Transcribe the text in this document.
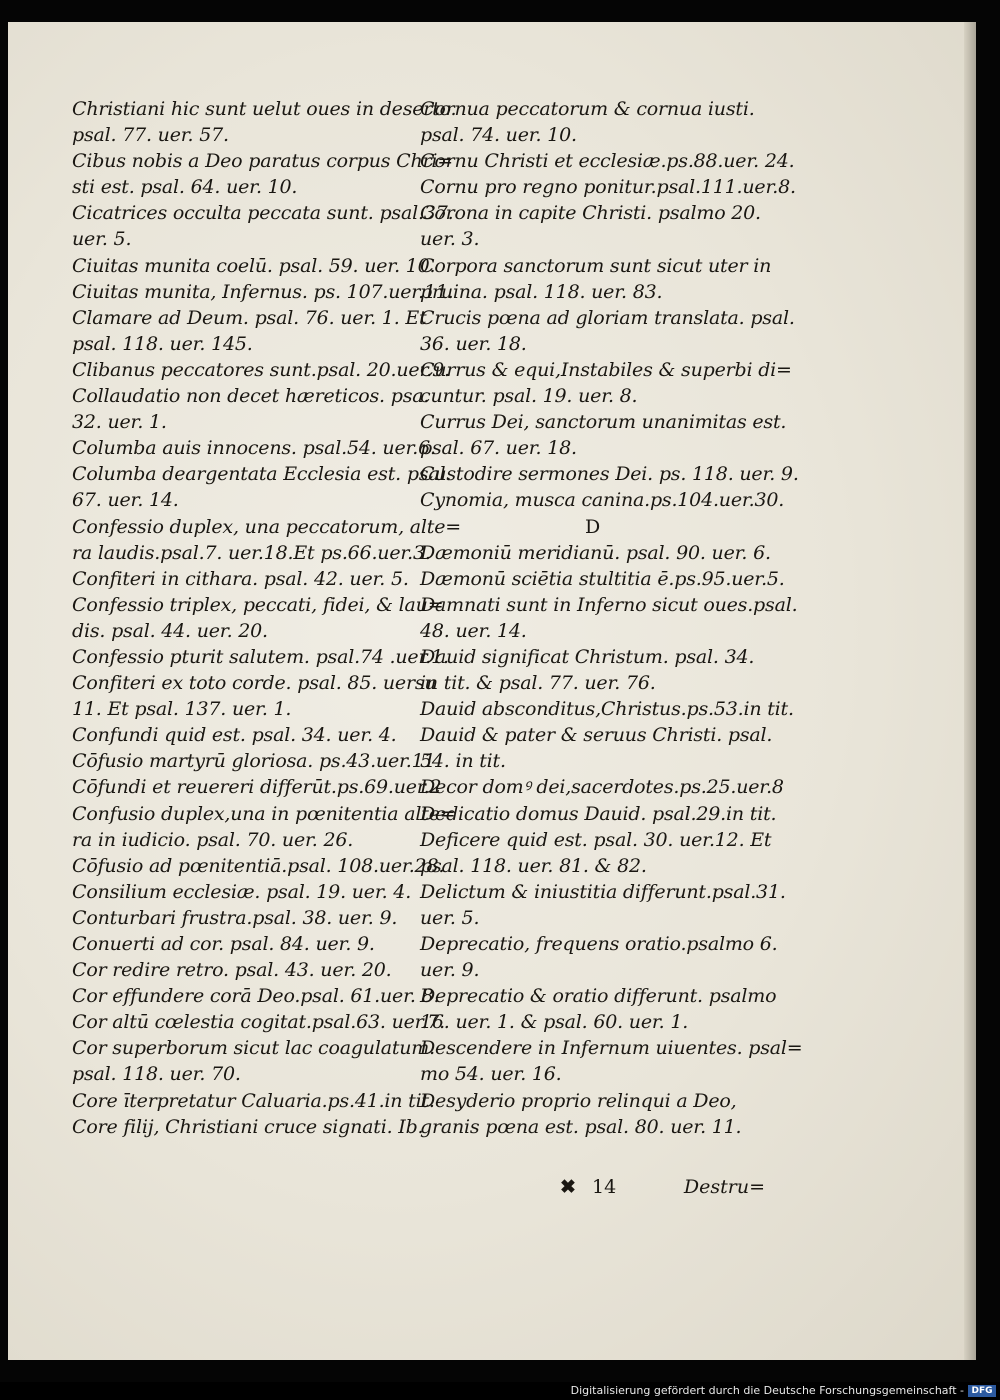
Christiani hic sunt uelut oues in deserto.
psal. 77. uer. 57.
Cibus nobis a Deo paratus corpus Chri=
sti est. psal. 64. uer. 10.
Cicatrices occulta peccata sunt. psal.37.
uer. 5.
Ciuitas munita coelū. psal. 59. uer. 10.
Ciuitas munita, Infernus. ps. 107.uer.11.
Clamare ad Deum. psal. 76. uer. 1. Et
psal. 118. uer. 145.
Clibanus peccatores sunt.psal. 20.uer.9.
Collaudatio non decet hæreticos. psa.
32. uer. 1.
Columba auis innocens. psal.54. uer.6.
Columba deargentata Ecclesia est. psal.
67. uer. 14.
Confessio duplex, una peccatorum, alte=
ra laudis.psal.7. uer.18.Et ps.66.uer.3.
Confiteri in cithara. psal. 42. uer. 5.
Confessio triplex, peccati, fidei, & lau=
dis. psal. 44. uer. 20.
Confessio pturit salutem. psal.74 .uer.1.
Confiteri ex toto corde. psal. 85. uersu
11. Et psal. 137. uer. 1.
Confundi quid est. psal. 34. uer. 4.
Cōfusio martyrū gloriosa. ps.43.uer.11
Cōfundi et reuereri differūt.ps.69.uer.2
Confusio duplex,una in pœnitentia alte=
ra in iudicio. psal. 70. uer. 26.
Cōfusio ad pœnitentiā.psal. 108.uer.28.
Consilium ecclesiæ. psal. 19. uer. 4.
Conturbari frustra.psal. 38. uer. 9.
Conuerti ad cor. psal. 84. uer. 9.
Cor redire retro. psal. 43. uer. 20.
Cor effundere corā Deo.psal. 61.uer. 8.
Cor altū cœlestia cogitat.psal.63. uer.7.
Cor superborum sicut lac coagulatum.
psal. 118. uer. 70.
Core īterpretatur Caluaria.ps.41.in tit.
Core filij, Christiani cruce signati. Ib.
Cornua peccatorum & cornua iusti.
psal. 74. uer. 10.
Cornu Christi et ecclesiæ.ps.88.uer. 24.
Cornu pro regno ponitur.psal.111.uer.8.
Corona in capite Christi. psalmo 20.
uer. 3.
Corpora sanctorum sunt sicut uter in
pruina. psal. 118. uer. 83.
Crucis pœna ad gloriam translata. psal.
36. uer. 18.
Currus & equi,Instabiles & superbi di=
cuntur. psal. 19. uer. 8.
Currus Dei, sanctorum unanimitas est.
psal. 67. uer. 18.
Custodire sermones Dei. ps. 118. uer. 9.
Cynomia, musca canina.ps.104.uer.30.
D
Dæmoniū meridianū. psal. 90. uer. 6.
Dæmonū sciētia stultitia ē.ps.95.uer.5.
Damnati sunt in Inferno sicut oues.psal.
48. uer. 14.
Dauid significat Christum. psal. 34.
in tit. & psal. 77. uer. 76.
Dauid absconditus,Christus.ps.53.in tit.
Dauid & pater & seruus Christi. psal.
54. in tit.
Decor domꝰ dei,sacerdotes.ps.25.uer.8
Dedicatio domus Dauid. psal.29.in tit.
Deficere quid est. psal. 30. uer.12. Et
psal. 118. uer. 81. & 82.
Delictum & iniustitia differunt.psal.31.
uer. 5.
Deprecatio, frequens oratio.psalmo 6.
uer. 9.
Deprecatio & oratio differunt. psalmo
16. uer. 1. & psal. 60. uer. 1.
Descendere in Infernum uiuentes. psal=
mo 54. uer. 16.
Desyderio proprio relinqui a Deo,
granis pœna est. psal. 80. uer. 11.
✖ 14	Destru=
Digitalisierung gefördert durch die Deutsche Forschungsgemeinschaft - DFG
